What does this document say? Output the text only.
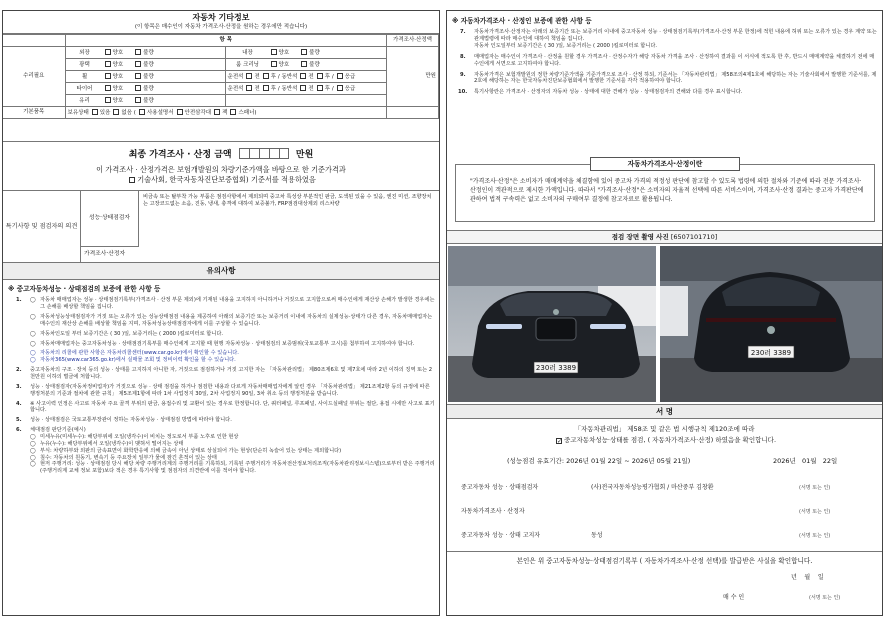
자동차 기타정보
(이 항목은 매수인이 자동차 가격조사·산정을 원하는 경우에만 적습니다)
	항 목		가격조사·산정액
수리필요	외장 양호 불량	내장 양호 불량	만원
	광택 양호 불량	룸 크리닝 양호 불량	
	휠 양호 불량	운전석 전 후 / 동반석 전 후 / 응급	
	타이어 양호 불량	운전석 전 후 / 동반석 전 후 / 응급	
	유리 양호 불량		
기본품목	보유상태 있음 없음 ( 사용설명서 안전삼각대 잭 스패너)		
최종 가격조사 · 산정 금액	만원
이 가격조사 · 산정가격은 보험개발원의 차량기준가액을 바탕으로 한 기준가격과
기술사회, 한국자동차진단보증협회) 기준서를 적용하였음
특기사항 및 점검자의 의견
성능·상태점검자
비금속 또는 탈부착 가능 부품은 점검사항에서 제외되며 중고차 특성상 부분적인 판금, 도색된 있을 수 있음, 엔진 미션, 조향장치는 고장코드없는 소음, 진동, 냉새, 충격에 대하여 보증불가, FRP점검대상제외 리스차량
가격조사·산정자
유의사항
※ 중고자동차성능 · 상태점검의 보증에 관한 사항 등
1. ◯ 자동차 매매업자는 성능 · 상태점검기록부(가격조사 · 산정 부문 제외)에 기재된 내용을 고지하지 아니하거나 거짓으로 고지함으로써 매수인에게 재산상 손해가 발생한 경우에는 그 손해를 배상할 책임을 집니다.
◯ 자동차성능상태점검자가 거짓 또는 오류가 있는 성능상태점검 내용을 제공하여 아래의 보증기간 또는 보증거리 이내에 자동차의 실제성능·상태가 다른 경우, 자동차매매업자는 매수인의 재산상 손해를 배상할 책임을 지며, 자동차성능상태점검자에게 이를 구상할 수 있습니다.
◯ 자동차인도일 부터 보증기간은 ( 30 )일, 보증거리는 ( 2000 )킬로미터로 합니다.
◯ 자동차매매업자는 중고자동차성능 · 상태점검기록부를 매수인에게 고지할 때 현행 자동차성능 · 상태점검의 보증범위(국토교통부 고시)를 첨부하여 고지하여야 합니다.
◯ 자동차의 리콜에 관한 사항은 자동차리콜센터(www.car.go.kr)에서 확인할 수 있습니다.
◯ 자동차365(www.car365.go.kr)에서 실매물 조회 및 정비이력 확인을 할 수 있습니다.
2. 중고자동차의 구조 · 장치 등의 성능 · 상태를 고지하지 아니한 자, 거짓으로 점검하거나 거짓 고지한 자는 「자동차관리법」 제80조제6호 및 제7호에 따라 2년 이하의 징역 또는 2천만원 이하의 벌금에 처합니다.
3. 성능 · 상태점검자(자동차정비업자)가 거짓으로 성능 · 상태 점검을 하거나 점검한 내용과 다르게 자동차매매업자에게 알린 경우 「자동차관리법」 제21조제2항 등의 규정에 따른 행정처분의 기준과 절차에 관한 규칙」 제5조제1항에 따라 1차 사업정지 30일, 2차 사업정지 90일, 3차 취소 등의 행정처분을 받습니다.
4. ※ 사고이력 인정은 사고로 자동차 주요 골격 부위의 판금, 용접수리 및 교환이 있는 경우로 한정합니다. 단, 쿼터패널, 루프패널, 사이드실패널 부위는 절단, 용접 시에만 사고로 표기합니다.
5. 성능 · 상태점검은 국토교통부장관이 정하는 자동차성능 · 상태점검 방법에 따라야 합니다.
6. 체대점검 판단기준(예시)
◯ 미세누유(미세누수): 해당부위에 오일(냉각수)이 비치는 정도로서 부품 노후로 인한 현상
◯ 누유(누수): 해당부위에서 오일(냉각수)이 맺혀서 떨어지는 상태
◯ 부식: 차량하부와 외판의 금속표면이 화학반응에 의해 금속이 아닌 상태로 상실되어 가는 현상(단순히 녹슬어 있는 상태는 제외합니다)
◯ 침수: 자동차의 원동기, 변속기 등 주요장치 일부가 물에 잠긴 흔적이 있는 상태
◯ 현저 주행거리: 성능 · 상태점검 당시 해당 차량 주행거리계의 주행거리를 기록하되, 기록된 주행거리가 자동차전산정보처리조직(자동차관리정보시스템)으로부터 받은 주행거리(주행거리계 교체 정보 포함)보다 적은 경우 특기사항 및 점검자의 의견란에 이를 적어야 합니다.
※ 자동차가격조사 · 산정인 보증에 관한 사항 등
7. 자동차가격조사·산정자는 아래의 보증기간 또는 보증거리 이내에 중고자동차 성능 · 상태점검기록부(가격조사·산정 부문 한정)에 적힌 내용에 허위 또는 오류가 있는 경우 계약 또는 관계법령에 따라 매수인에 대하여 책임을 집니다.
자동차 인도일부터 보증기간은 ( 30 )일, 보증거리는 ( 2000 )킬로미터로 합니다.
8. 매매업자는 매수인이 가격조사 · 산정을 원할 경우 가격조사 · 산정수자가 해당 자동차 가격을 조사 · 산정하여 결과를 이 서식에 적도록 한 후, 반드시 매매계약을 체결하기 전에 매수인에게 서면으로 고지하여야 합니다.
9. 자동차가격은 보험개발원의 정한 차량기준가액을 기준가격으로 조사 · 산정 하되, 기준서는 「자동차관리법」 제58조의4제1호에 해당하는 자는 기술사회에서 발행한 기준서를, 제2호에 해당하는 자는 한국자동차진단보증협회에서 발행한 기준서를 각각 적용하여야 합니다.
10. 특기사항란은 가격조사 · 산정자의 자동차 성능 · 상태에 대한 견해가 성능 · 상태점검자의 견해와 다를 경우 표시합니다.
자동차가격조사·산정이란
"가격조사·산정"은 소비자가 매매계약을 체결함에 있어 중고차 가격의 적정성 판단에 참고할 수 있도록 법령에 의한 절차와 기준에 따라 전문 가격조사·산정인이 객관적으로 제시한 가액입니다. 따라서 "가격조사·산정"은 소비자의 자율적 선택에 따른 서비스이며, 가격조사·산정 결과는 중고자 가격판단에 관하여 법적 구속력은 없고 소비자의 구매여부 결정에 참고자료로 활용됩니다.
점검 장면 촬영 사진 [6507101710]
230러 3389
230러 3389
서 명
「자동차관리법」 제58조 및 같은 법 시행규칙 제120조에 따라
✓중고자동차성능·상태를 점검, ( 자동차가격조사·산정) 하였음을 확인합니다.
(성능점검 유효기간: 2026년 01월 22일 ~ 2026년 05월 21일)	2026년   01월   22일
중고자동차 성능 · 상태점검자	(사)전국자동차성능평가협회 / 마산중부 김창환	(서명 또는 인)
자동차가격조사 · 산정자	(서명 또는 인)
중고자동차 성능 · 상태 고지자	동성	(서명 또는 인)
본인은 위 중고자동차성능·상태점검기록부 ( 자동차가격조사·산정 선택)를 발급받은 사실을 확인합니다.
년    월    일
매 수 인	(서명 또는 인)
